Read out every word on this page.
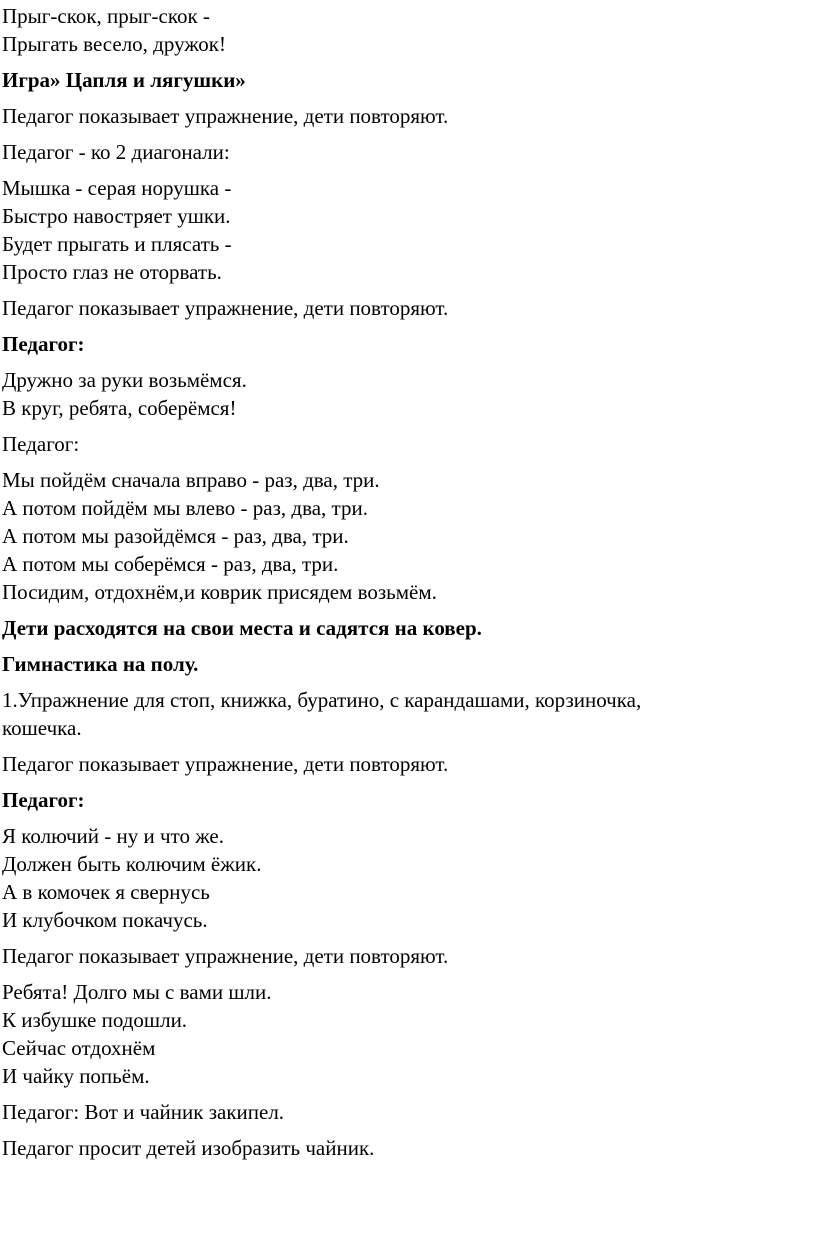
Прыг-скок, прыг-скок -
Прыгать весело, дружок!

Игра» Цапля и лягушки»

Педагог показывает упражнение, дети повторяют.

Педагог - ко 2 диагонали:

Мышка - серая норушка -
Быстро навостряет ушки.
Будет прыгать и плясать -
Просто глаз не оторвать.

Педагог показывает упражнение, дети повторяют.

Педагог:

Дружно за руки возьмёмся.
В круг, ребята, соберёмся!

Педагог:

Мы пойдём сначала вправо - раз, два, три.
А потом пойдём мы влево - раз, два, три.
А потом мы разойдёмся - раз, два, три.
А потом мы соберёмся - раз, два, три.
Посидим, отдохнём,и коврик присядем возьмём.

Дети расходятся на свои места и садятся на ковер.

Гимнастика на полу.

1.Упражнение для стоп, книжка, буратино, с карандашами, корзиночка,
кошечка.

Педагог показывает упражнение, дети повторяют.

Педагог:

Я колючий - ну и что же.
Должен быть колючим ёжик.
А в комочек я свернусь
И клубочком покачусь.

Педагог показывает упражнение, дети повторяют.

Ребята! Долго мы с вами шли.
К избушке подошли.
Сейчас отдохнём
И чайку попьём.

Педагог: Вот и чайник закипел.

Педагог просит детей изобразить чайник.
